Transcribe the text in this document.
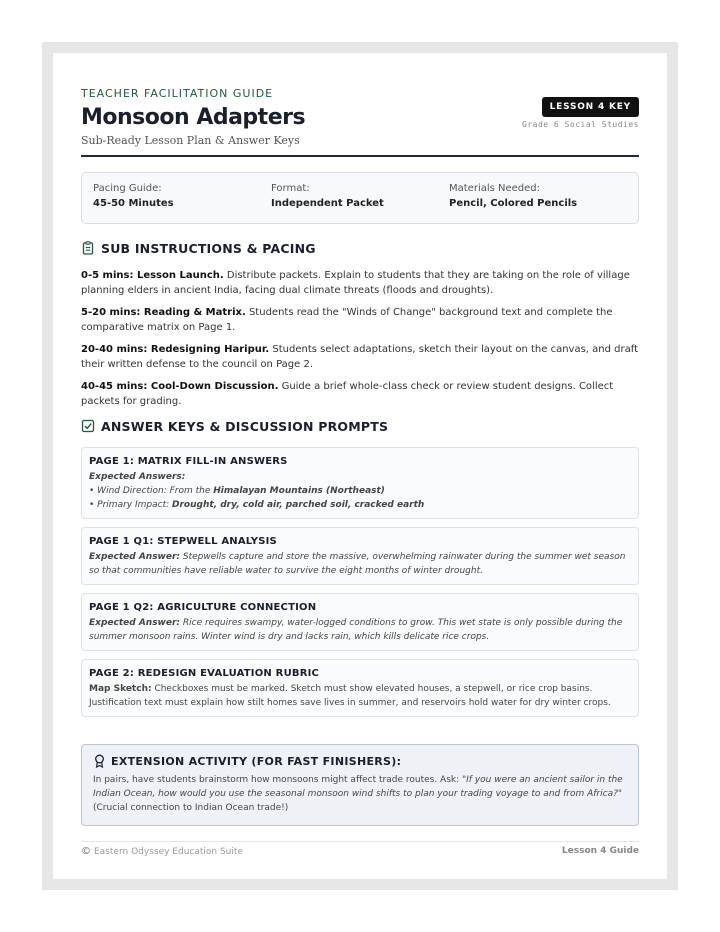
TEACHER FACILITATION GUIDE
Monsoon Adapters
Sub-Ready Lesson Plan & Answer Keys
LESSON 4 KEY
Grade 6 Social Studies
Pacing Guide:
45-50 Minutes
Format:
Independent Packet
Materials Needed:
Pencil, Colored Pencils
SUB INSTRUCTIONS & PACING
0-5 mins: Lesson Launch. Distribute packets. Explain to students that they are taking on the role of village planning elders in ancient India, facing dual climate threats (floods and droughts).
5-20 mins: Reading & Matrix. Students read the "Winds of Change" background text and complete the comparative matrix on Page 1.
20-40 mins: Redesigning Haripur. Students select adaptations, sketch their layout on the canvas, and draft their written defense to the council on Page 2.
40-45 mins: Cool-Down Discussion. Guide a brief whole-class check or review student designs. Collect packets for grading.
ANSWER KEYS & DISCUSSION PROMPTS
PAGE 1: MATRIX FILL-IN ANSWERS
Expected Answers:
• Wind Direction: From the Himalayan Mountains (Northeast)
• Primary Impact: Drought, dry, cold air, parched soil, cracked earth
PAGE 1 Q1: STEPWELL ANALYSIS
Expected Answer: Stepwells capture and store the massive, overwhelming rainwater during the summer wet season so that communities have reliable water to survive the eight months of winter drought.
PAGE 1 Q2: AGRICULTURE CONNECTION
Expected Answer: Rice requires swampy, water-logged conditions to grow. This wet state is only possible during the summer monsoon rains. Winter wind is dry and lacks rain, which kills delicate rice crops.
PAGE 2: REDESIGN EVALUATION RUBRIC
Map Sketch: Checkboxes must be marked. Sketch must show elevated houses, a stepwell, or rice crop basins. Justification text must explain how stilt homes save lives in summer, and reservoirs hold water for dry winter crops.
EXTENSION ACTIVITY (FOR FAST FINISHERS):
In pairs, have students brainstorm how monsoons might affect trade routes. Ask: "If you were an ancient sailor in the Indian Ocean, how would you use the seasonal monsoon wind shifts to plan your trading voyage to and from Africa?" (Crucial connection to Indian Ocean trade!)
© Eastern Odyssey Education Suite	Lesson 4 Guide
